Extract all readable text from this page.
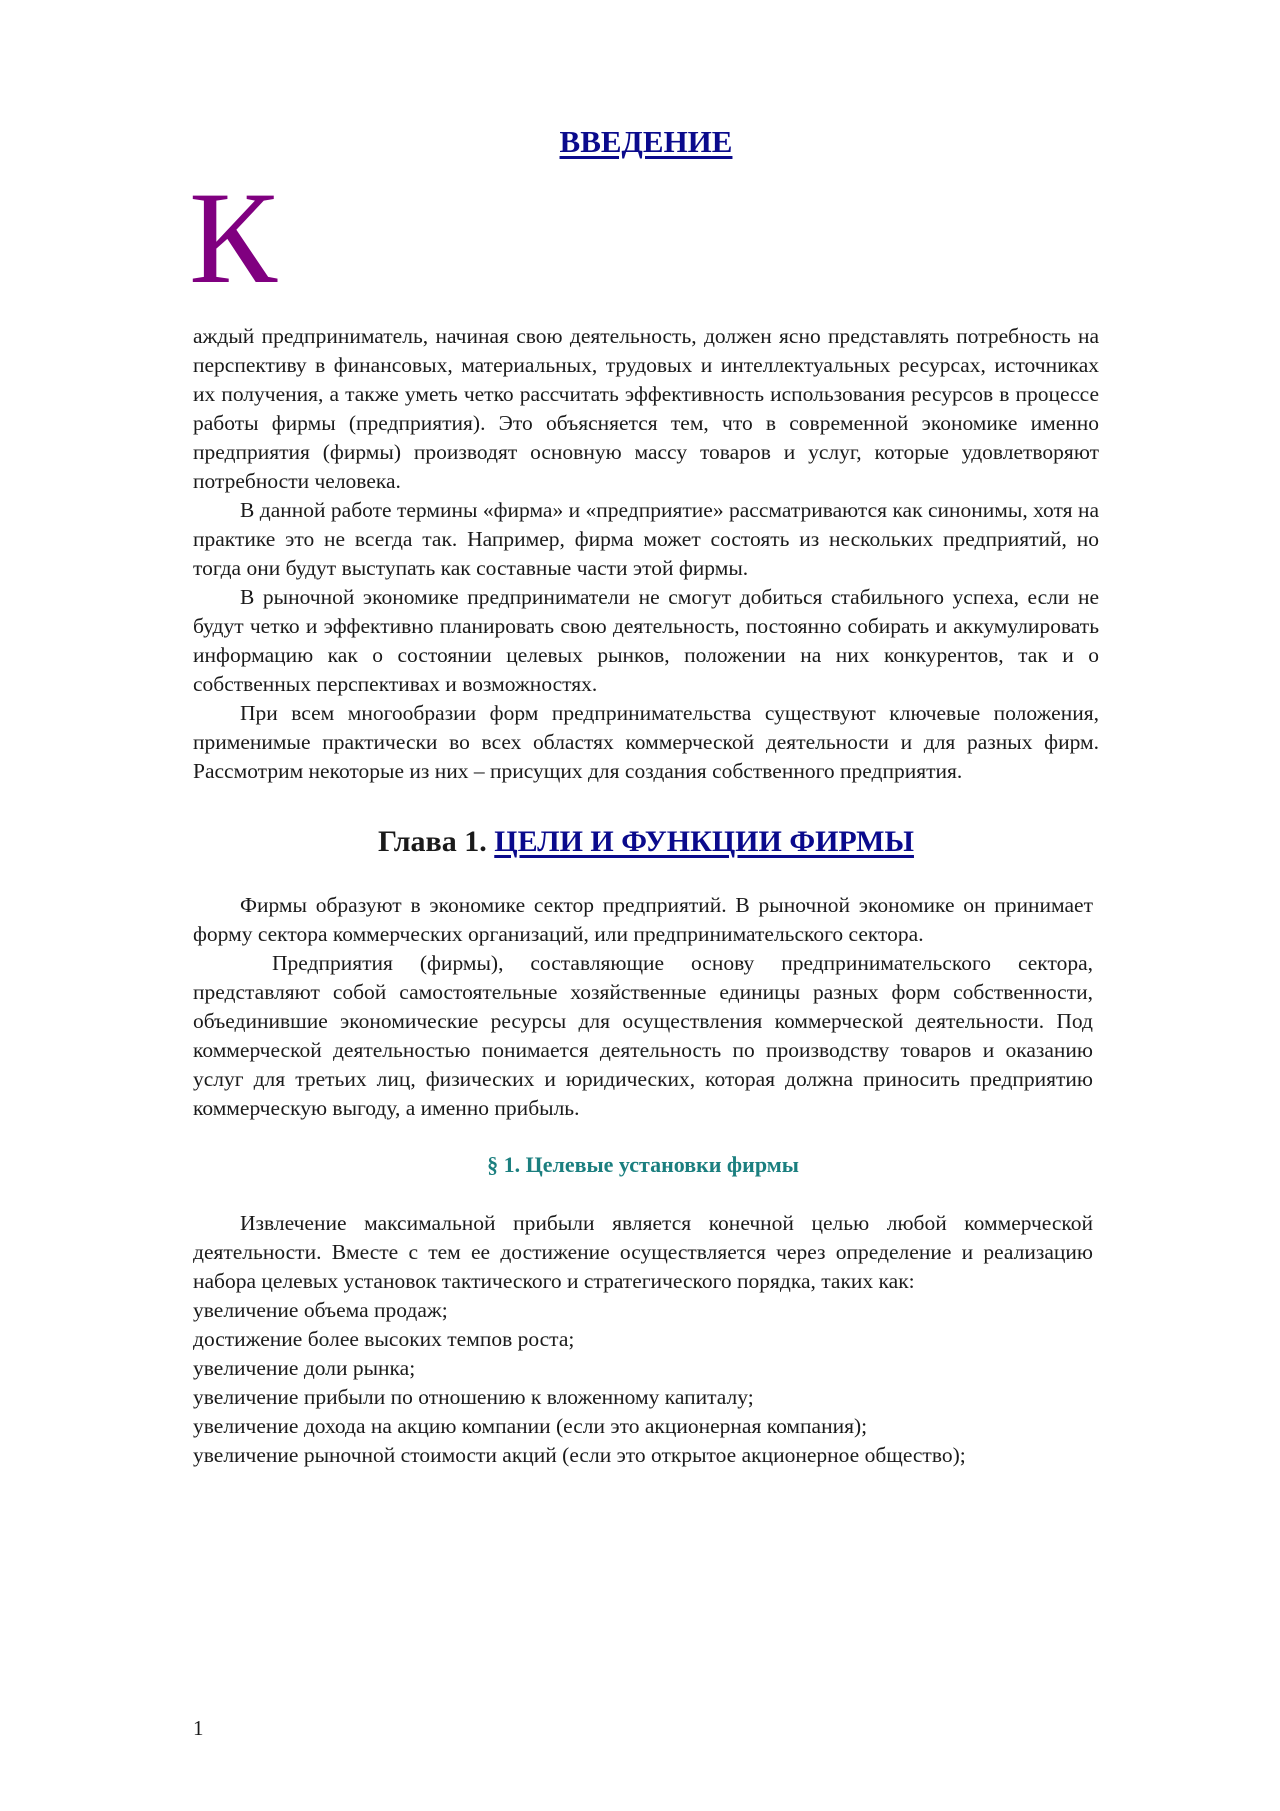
ВВЕДЕНИЕ
К

аждый предприниматель, начиная свою деятельность, должен ясно представлять потребность на перспективу в финансовых, материальных, трудовых и интеллектуальных ресурсах, источниках их получения, а также уметь четко рассчитать эффективность использования ресурсов в процессе работы фирмы (предприятия). Это объясняется тем, что в современной экономике именно предприятия (фирмы) производят основную массу товаров и услуг, которые удовлетворяют потребности человека.

В данной работе термины «фирма» и «предприятие» рассматриваются как синонимы, хотя на практике это не всегда так. Например, фирма может состоять из нескольких предприятий, но тогда они будут выступать как составные части этой фирмы.

В рыночной экономике предприниматели не смогут добиться стабильного успеха, если не будут четко и эффективно планировать свою деятельность, постоянно собирать и аккумулировать информацию как о состоянии целевых рынков, положении на них конкурентов, так и о собственных перспективах и возможностях.

При всем многообразии форм предпринимательства существуют ключевые положения, применимые практически во всех областях коммерческой деятельности и для разных фирм. Рассмотрим некоторые из них – присущих для создания собственного предприятия.

Глава 1. ЦЕЛИ И ФУНКЦИИ ФИРМЫ

Фирмы образуют в экономике сектор предприятий. В рыночной экономике он принимает форму сектора коммерческих организаций, или предпринимательского сектора.

Предприятия (фирмы), составляющие основу предпринимательского сектора, представляют собой самостоятельные хозяйственные единицы разных форм собственности, объединившие экономические ресурсы для осуществления коммерческой деятельности. Под коммерческой деятельностью понимается деятельность по производству товаров и оказанию услуг для третьих лиц, физических и юридических, которая должна приносить предприятию коммерческую выгоду, а именно прибыль.

§ 1. Целевые установки фирмы

Извлечение максимальной прибыли является конечной целью любой коммерческой деятельности. Вместе с тем ее достижение осуществляется через определение и реализацию набора целевых установок тактического и стратегического порядка, таких как:

увеличение объема продаж;

достижение более высоких темпов роста;

увеличение доли рынка;

увеличение прибыли по отношению к вложенному капиталу;

увеличение дохода на акцию компании (если это акционерная компания);

увеличение рыночной стоимости акций (если это открытое акционерное общество);

1
